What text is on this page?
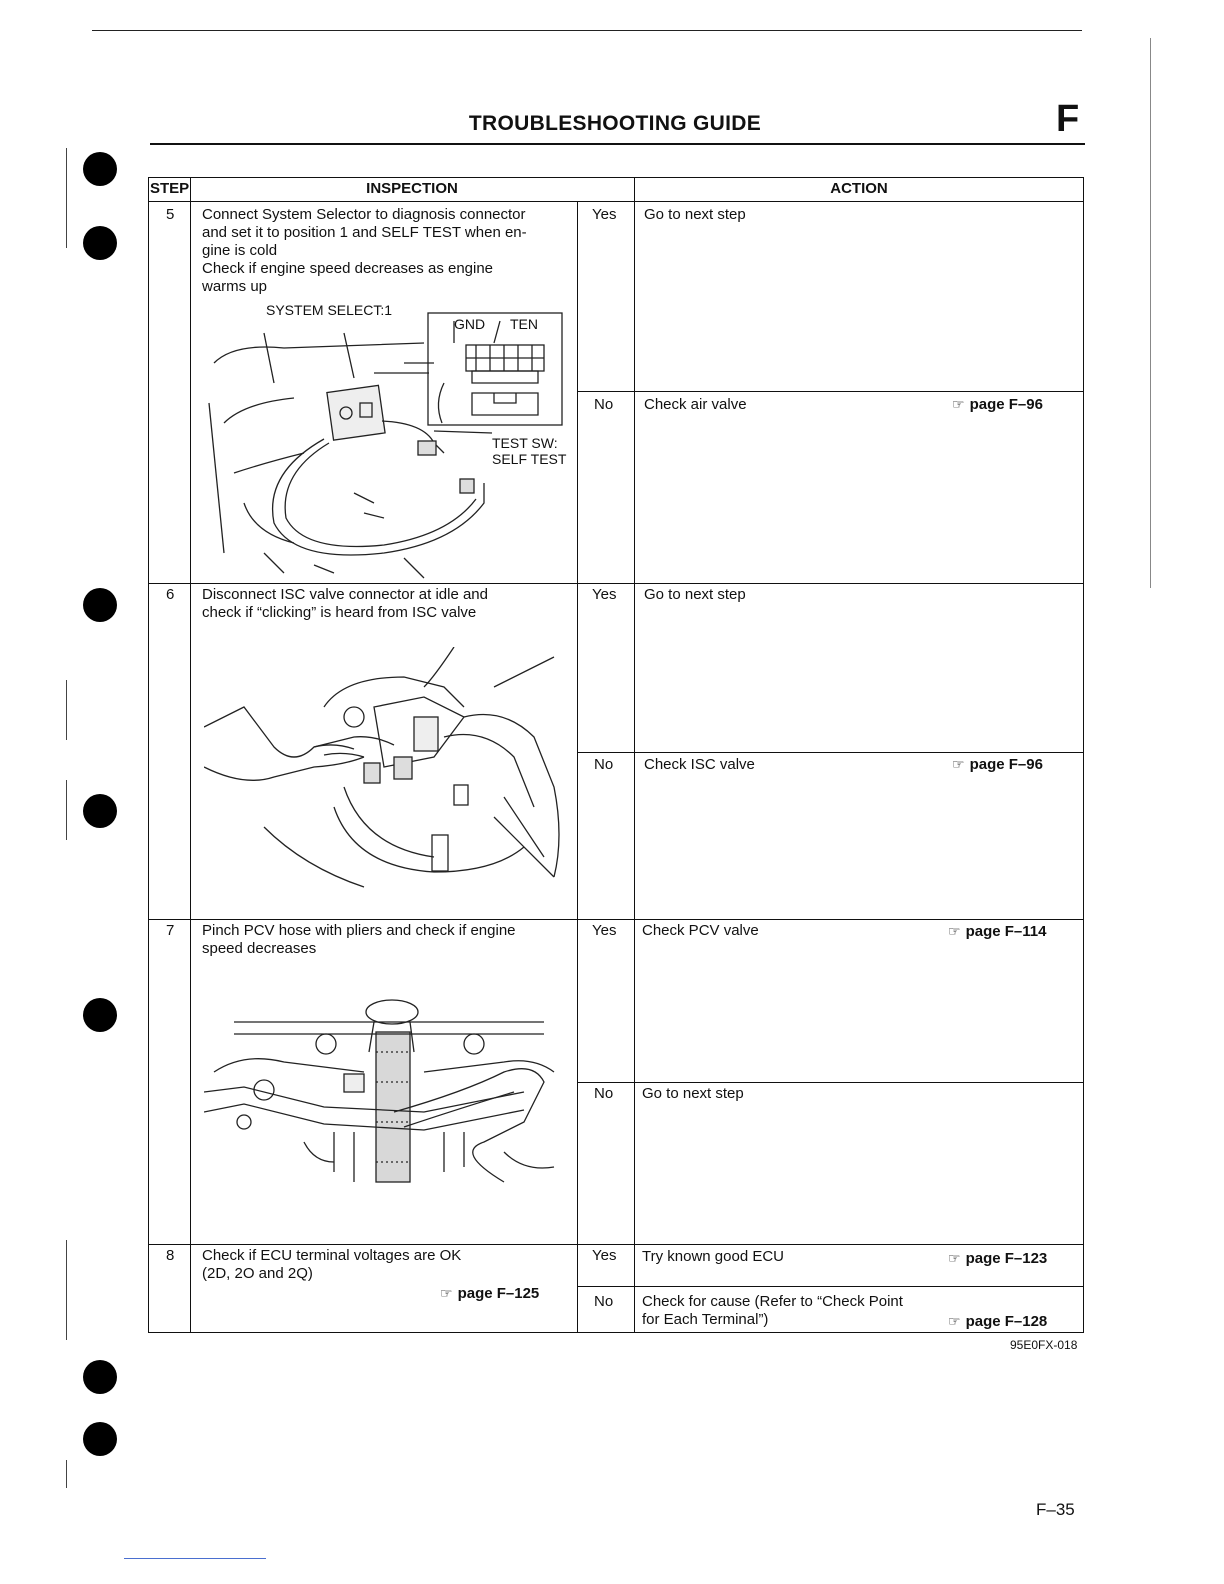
TROUBLESHOOTING GUIDE	F
STEP	INSPECTION	ACTION
5 Connect System Selector to diagnosis connector
and set it to position 1 and SELF TEST when en-
gine is cold
Check if engine speed decreases as engine
warms up
Yes Go to next step
No Check air valve	☞ page F–96
SYSTEM SELECT:1
GND TEN
TEST SW:
SELF TEST
6 Disconnect ISC valve connector at idle and
check if “clicking” is heard from ISC valve
Yes Go to next step
No Check ISC valve	☞ page F–96
7 Pinch PCV hose with pliers and check if engine
speed decreases
Yes Check PCV valve	☞ page F–114
No Go to next step
8 Check if ECU terminal voltages are OK
(2D, 2O and 2Q)
☞ page F–125
Yes Try known good ECU	☞ page F–123
No Check for cause (Refer to “Check Point
for Each Terminal”)	☞ page F–128
95E0FX-018
F–35
